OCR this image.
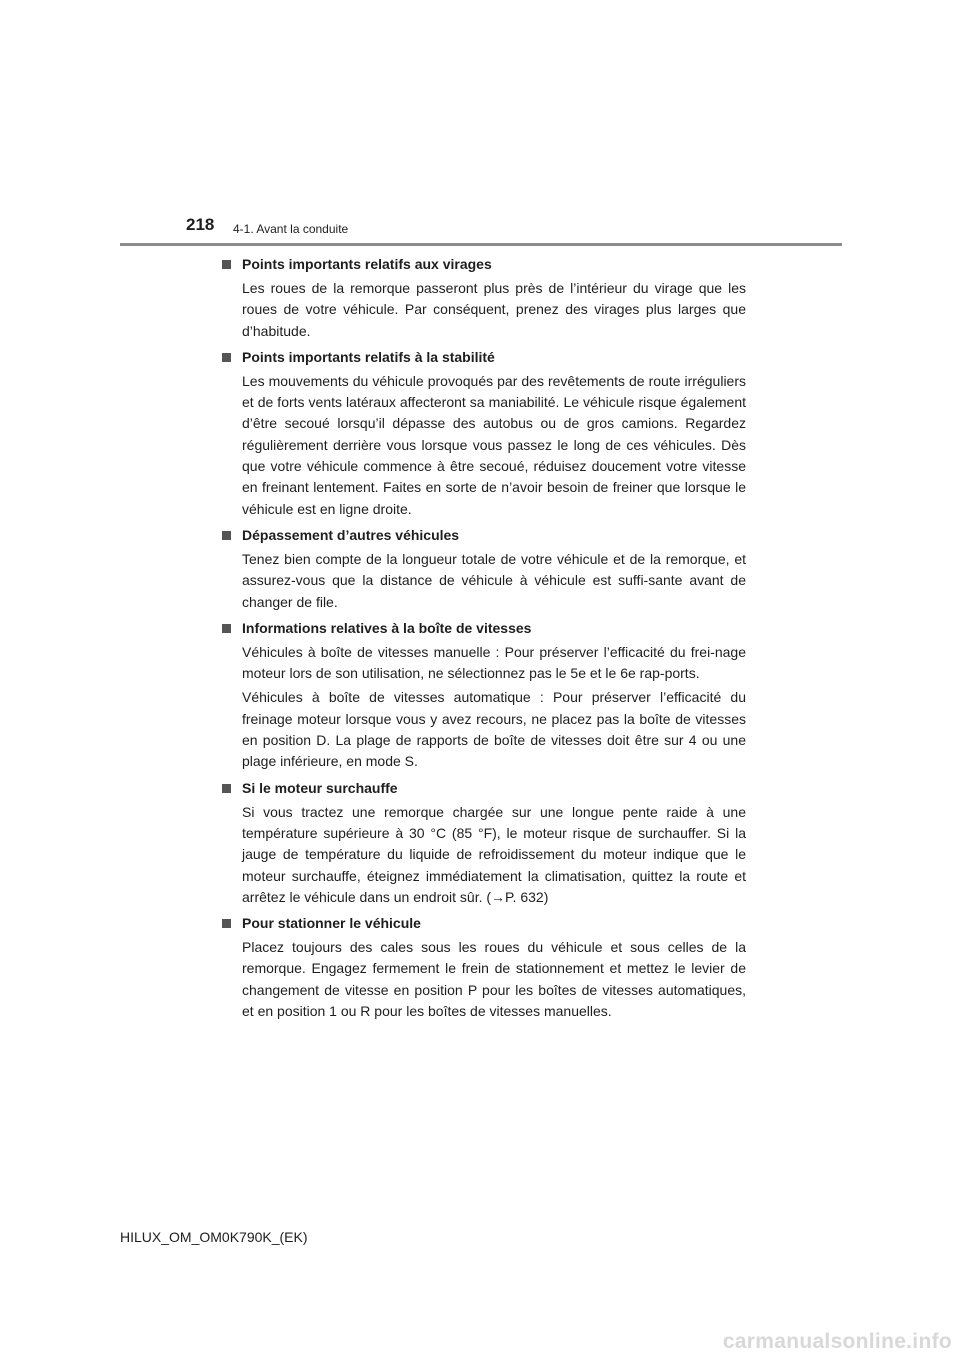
218 4-1. Avant la conduite
Points importants relatifs aux virages

Les roues de la remorque passeront plus près de l’intérieur du virage que les roues de votre véhicule. Par conséquent, prenez des virages plus larges que d’habitude.

Points importants relatifs à la stabilité

Les mouvements du véhicule provoqués par des revêtements de route irréguliers et de forts vents latéraux affecteront sa maniabilité. Le véhicule risque également d’être secoué lorsqu’il dépasse des autobus ou de gros camions. Regardez régulièrement derrière vous lorsque vous passez le long de ces véhicules. Dès que votre véhicule commence à être secoué, réduisez doucement votre vitesse en freinant lentement. Faites en sorte de n’avoir besoin de freiner que lorsque le véhicule est en ligne droite.

Dépassement d’autres véhicules

Tenez bien compte de la longueur totale de votre véhicule et de la remorque, et assurez-vous que la distance de véhicule à véhicule est suffi-sante avant de changer de file.

Informations relatives à la boîte de vitesses

Véhicules à boîte de vitesses manuelle : Pour préserver l’efficacité du frei-nage moteur lors de son utilisation, ne sélectionnez pas le 5e et le 6e rap-ports.

Véhicules à boîte de vitesses automatique : Pour préserver l’efficacité du freinage moteur lorsque vous y avez recours, ne placez pas la boîte de vitesses en position D. La plage de rapports de boîte de vitesses doit être sur 4 ou une plage inférieure, en mode S.

Si le moteur surchauffe

Si vous tractez une remorque chargée sur une longue pente raide à une température supérieure à 30 °C (85 °F), le moteur risque de surchauffer. Si la jauge de température du liquide de refroidissement du moteur indique que le moteur surchauffe, éteignez immédiatement la climatisation, quittez la route et arrêtez le véhicule dans un endroit sûr. (→P. 632)

Pour stationner le véhicule

Placez toujours des cales sous les roues du véhicule et sous celles de la remorque. Engagez fermement le frein de stationnement et mettez le levier de changement de vitesse en position P pour les boîtes de vitesses automatiques, et en position 1 ou R pour les boîtes de vitesses manuelles.

HILUX_OM_OM0K790K_(EK)
carmanualsonline.info
